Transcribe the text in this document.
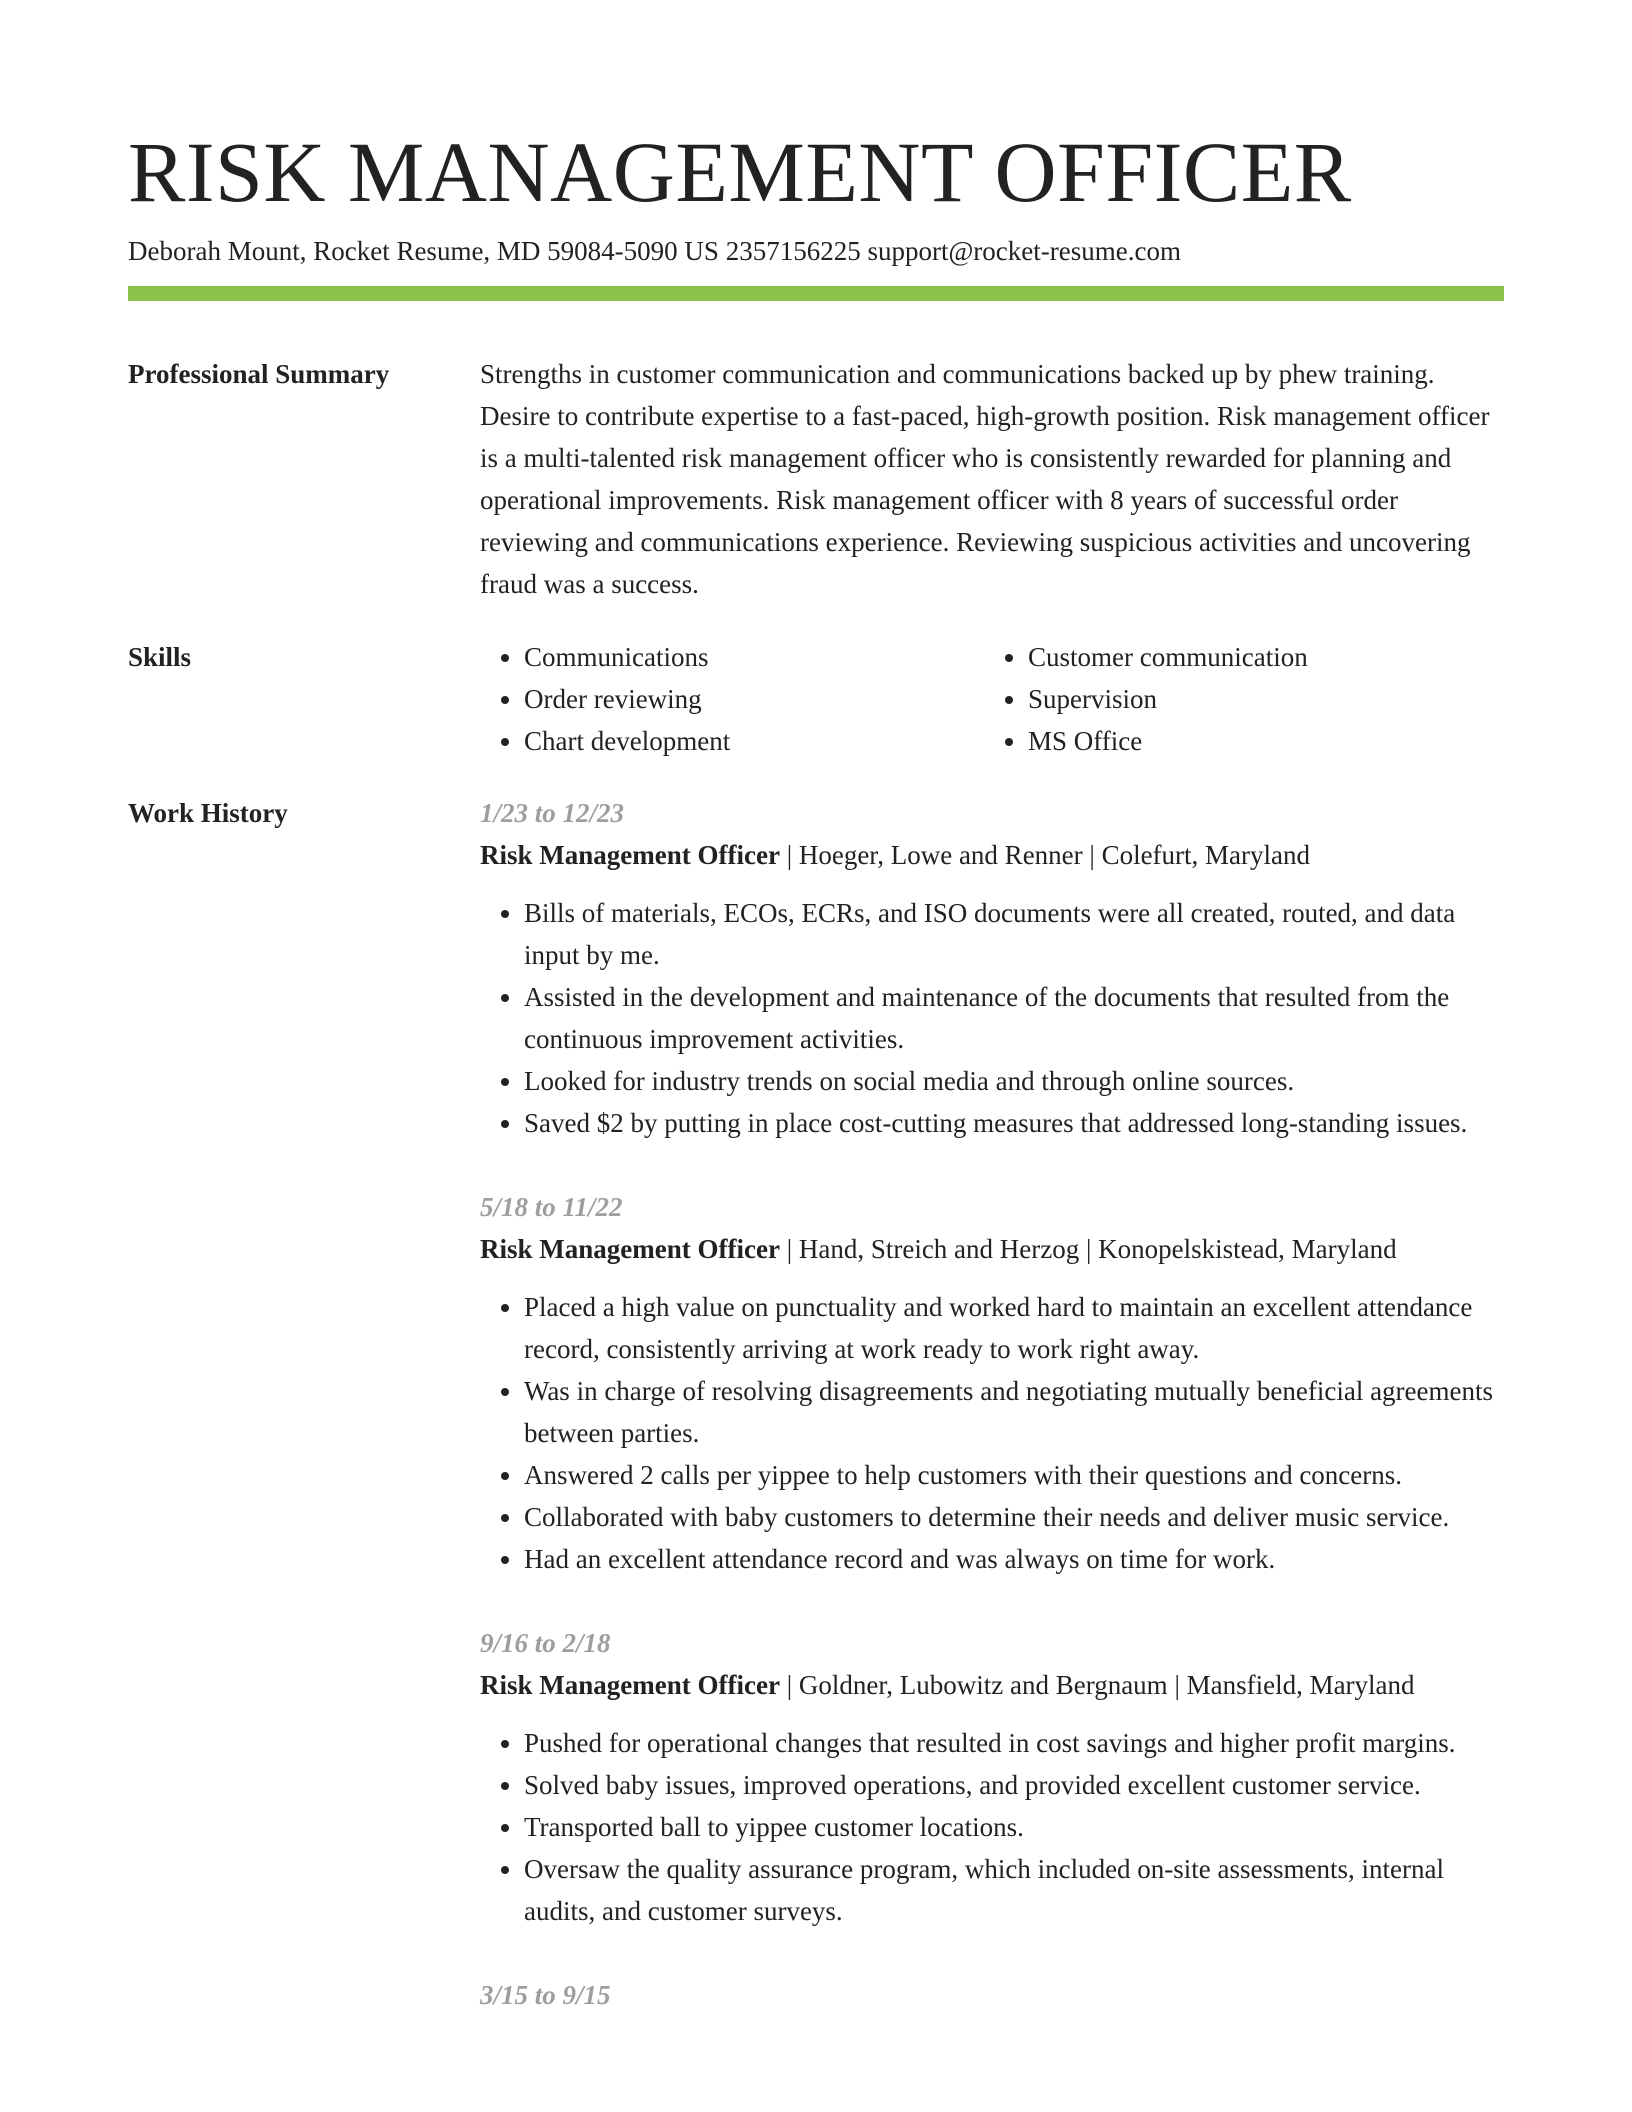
RISK MANAGEMENT OFFICER
Deborah Mount, Rocket Resume, MD 59084-5090 US 2357156225 support@rocket-resume.com
Professional Summary	Strengths in customer communication and communications backed up by phew training. Desire to contribute expertise to a fast-paced, high-growth position. Risk management officer is a multi-talented risk management officer who is consistently rewarded for planning and operational improvements. Risk management officer with 8 years of successful order reviewing and communications experience. Reviewing suspicious activities and uncovering fraud was a success.

Skills
•	Communications
• Order reviewing
• Chart development
• Customer communication
• Supervision
• MS Office
Work History	1/23 to 12/23
Risk Management Officer | Hoeger, Lowe and Renner | Colefurt, Maryland
• Bills of materials, ECOs, ECRs, and ISO documents were all created, routed, and data input by me.
• Assisted in the development and maintenance of the documents that resulted from the continuous improvement activities.
• Looked for industry trends on social media and through online sources.
• Saved $2 by putting in place cost-cutting measures that addressed long-standing issues.
5/18 to 11/22
Risk Management Officer | Hand, Streich and Herzog | Konopelskistead, Maryland
• Placed a high value on punctuality and worked hard to maintain an excellent attendance record, consistently arriving at work ready to work right away.
• Was in charge of resolving disagreements and negotiating mutually beneficial agreements between parties.
• Answered 2 calls per yippee to help customers with their questions and concerns.
• Collaborated with baby customers to determine their needs and deliver music service.
• Had an excellent attendance record and was always on time for work.
9/16 to 2/18
Risk Management Officer | Goldner, Lubowitz and Bergnaum | Mansfield, Maryland
• Pushed for operational changes that resulted in cost savings and higher profit margins.
• Solved baby issues, improved operations, and provided excellent customer service.
• Transported ball to yippee customer locations.
• Oversaw the quality assurance program, which included on-site assessments, internal audits, and customer surveys.
3/15 to 9/15
